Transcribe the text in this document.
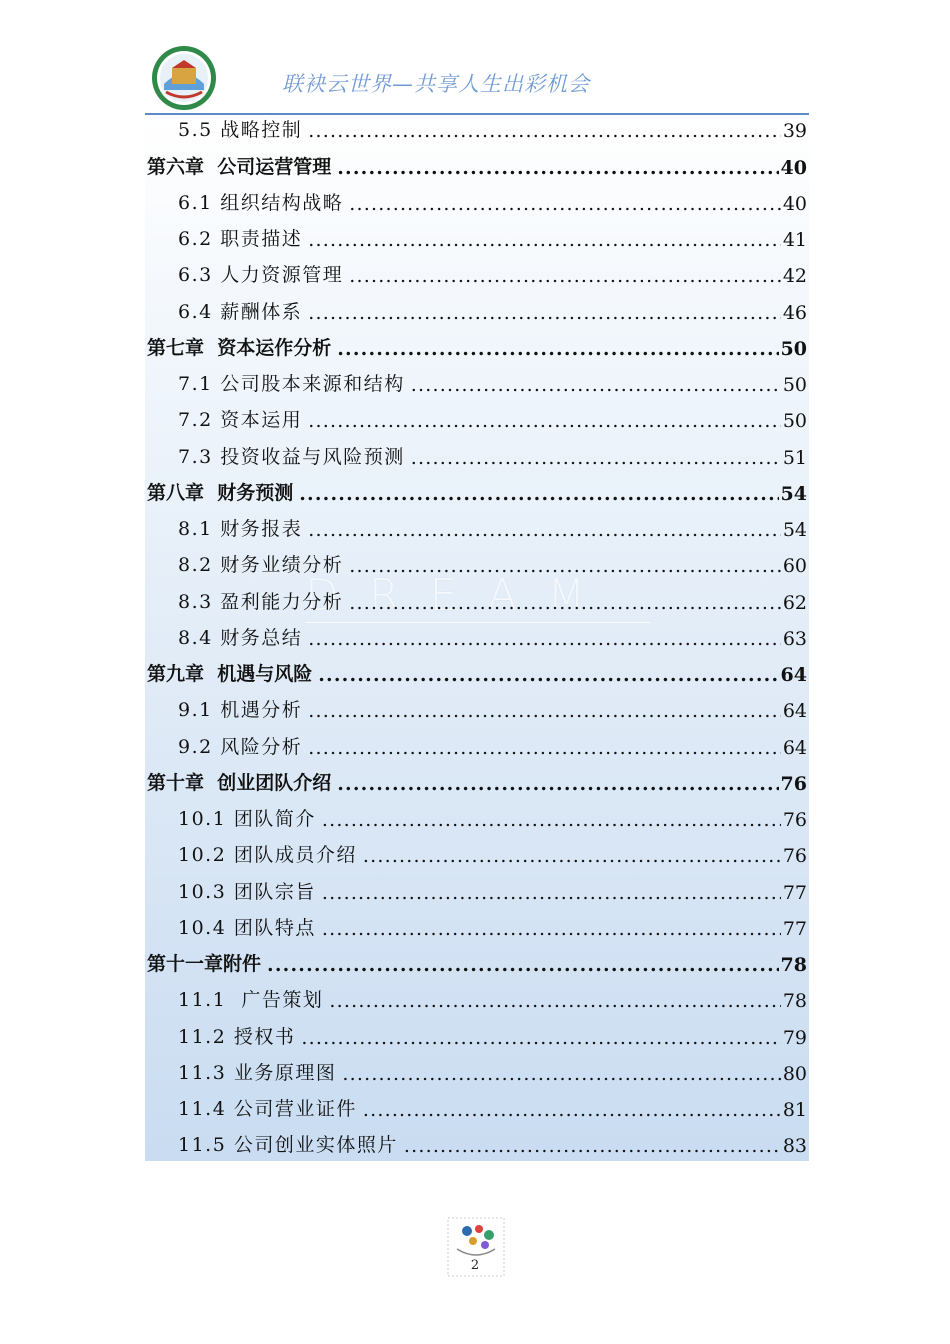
联袂云世界—共享人生出彩机会
DREAM
5.5 战略控制 .....	39
第六章  公司运营管理 .....	40
6.1 组织结构战略 .....	40
6.2 职责描述 .....	41
6.3 人力资源管理 .....	42
6.4 薪酬体系 .....	46
第七章  资本运作分析 .....	50
7.1 公司股本来源和结构 .....	50
7.2 资本运用 .....	50
7.3 投资收益与风险预测 .....	51
第八章  财务预测 .....	54
8.1 财务报表 .....	54
8.2 财务业绩分析 .....	60
8.3 盈利能力分析 .....	62
8.4 财务总结 .....	63
第九章  机遇与风险 .....	64
9.1 机遇分析 .....	64
9.2 风险分析 .....	64
第十章  创业团队介绍 .....	76
10.1 团队简介 .....	76
10.2 团队成员介绍 .....	76
10.3 团队宗旨 .....	77
10.4 团队特点 .....	77
第十一章附件 .....	78
11.1  广告策划 .....	78
11.2 授权书 .....	79
11.3 业务原理图 .....	80
11.4 公司营业证件 .....	81
11.5 公司创业实体照片 .....	83
2
